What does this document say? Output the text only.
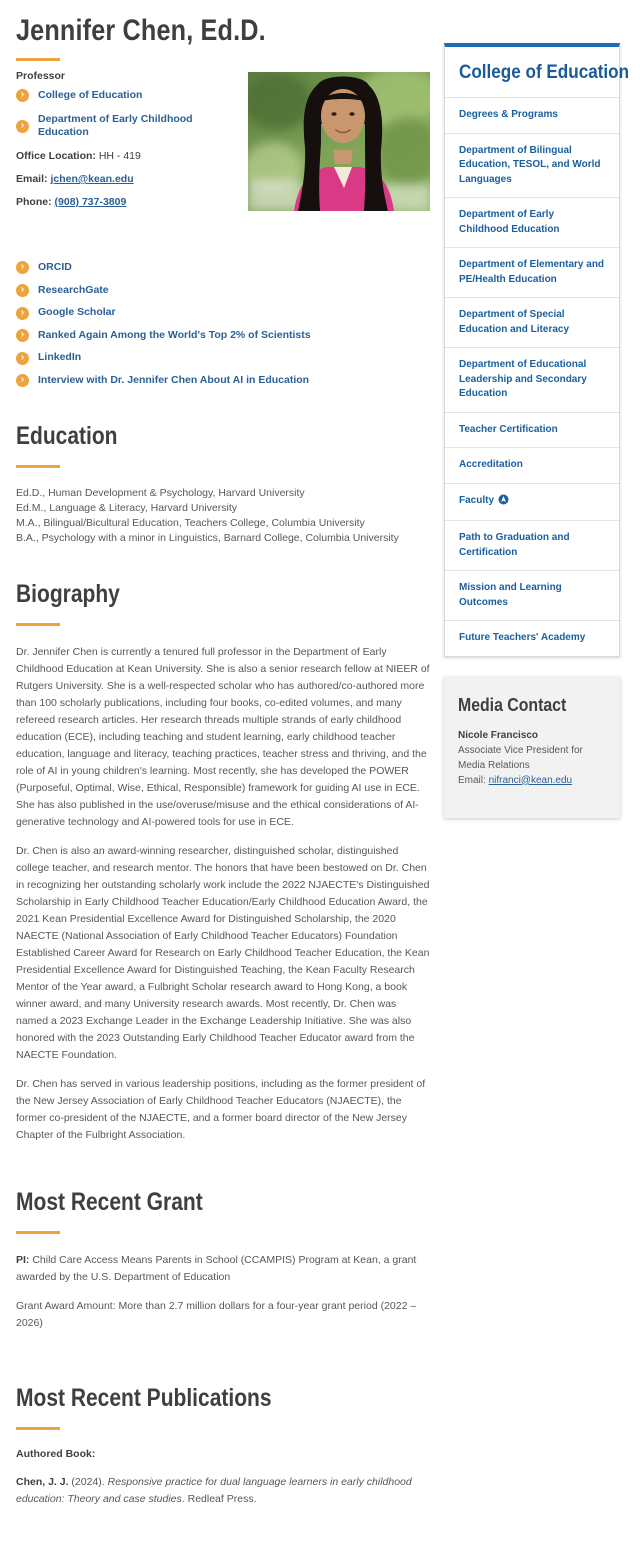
Jennifer Chen, Ed.D.
Professor
›	College of Education
›
Department of Early Childhood Education
Office Location: HH - 419
Email: jchen@kean.edu
Phone: (908) 737-3809
›	ORCID
›	ResearchGate
›	Google Scholar
›	Ranked Again Among the World's Top 2% of Scientists
›	LinkedIn
›	Interview with Dr. Jennifer Chen About AI in Education
Education
Ed.D., Human Development & Psychology, Harvard University
Ed.M., Language & Literacy, Harvard University
M.A., Bilingual/Bicultural Education, Teachers College, Columbia University
B.A., Psychology with a minor in Linguistics, Barnard College, Columbia University
Biography

Dr. Jennifer Chen is currently a tenured full professor in the Department of Early Childhood Education at Kean University. She is also a senior research fellow at NIEER of Rutgers University. She is a well-respected scholar who has authored/co-authored more than 100 scholarly publications, including four books, co-edited volumes, and many refereed research articles. Her research threads multiple strands of early childhood education (ECE), including teaching and student learning, early childhood teacher education, language and literacy, teaching practices, teacher stress and thriving, and the role of AI in young children's learning. Most recently, she has developed the POWER (Purposeful, Optimal, Wise, Ethical, Responsible) framework for guiding AI use in ECE. She has also published in the use/overuse/misuse and the ethical considerations of AI-generative technology and AI-powered tools for use in ECE.

Dr. Chen is also an award-winning researcher, distinguished scholar, distinguished college teacher, and research mentor. The honors that have been bestowed on Dr. Chen in recognizing her outstanding scholarly work include the 2022 NJAECTE's Distinguished Scholarship in Early Childhood Teacher Education/Early Childhood Education Award, the 2021 Kean Presidential Excellence Award for Distinguished Scholarship, the 2020 NAECTE (National Association of Early Childhood Teacher Educators) Foundation Established Career Award for Research on Early Childhood Teacher Education, the Kean Presidential Excellence Award for Distinguished Teaching, the Kean Faculty Research Mentor of the Year award, a Fulbright Scholar research award to Hong Kong, a book winner award, and many University research awards. Most recently, Dr. Chen was named a 2023 Exchange Leader in the Exchange Leadership Initiative. She was also honored with the 2023 Outstanding Early Childhood Teacher Educator award from the NAECTE Foundation.

Dr. Chen has served in various leadership positions, including as the former president of the New Jersey Association of Early Childhood Teacher Educators (NJAECTE), the former co-president of the NJAECTE, and a former board director of the New Jersey Chapter of the Fulbright Association.

Most Recent Grant

PI: Child Care Access Means Parents in School (CCAMPIS) Program at Kean, a grant awarded by the U.S. Department of Education

Grant Award Amount: More than 2.7 million dollars for a four-year grant period (2022 – 2026)

Most Recent Publications

Authored Book:

Chen, J. J. (2024). Responsive practice for dual language learners in early childhood education: Theory and case studies. Redleaf Press.

College of Education
Degrees & Programs
Department of Bilingual Education, TESOL, and World Languages
Department of Early Childhood Education
Department of Elementary and PE/Health Education
Department of Special Education and Literacy
Department of Educational Leadership and Secondary Education
Teacher Certification
Accreditation
Faculty
Path to Graduation and Certification
Mission and Learning Outcomes
Future Teachers' Academy
Media Contact
Nicole Francisco
Associate Vice President for Media Relations
Email: nifranci@kean.edu
